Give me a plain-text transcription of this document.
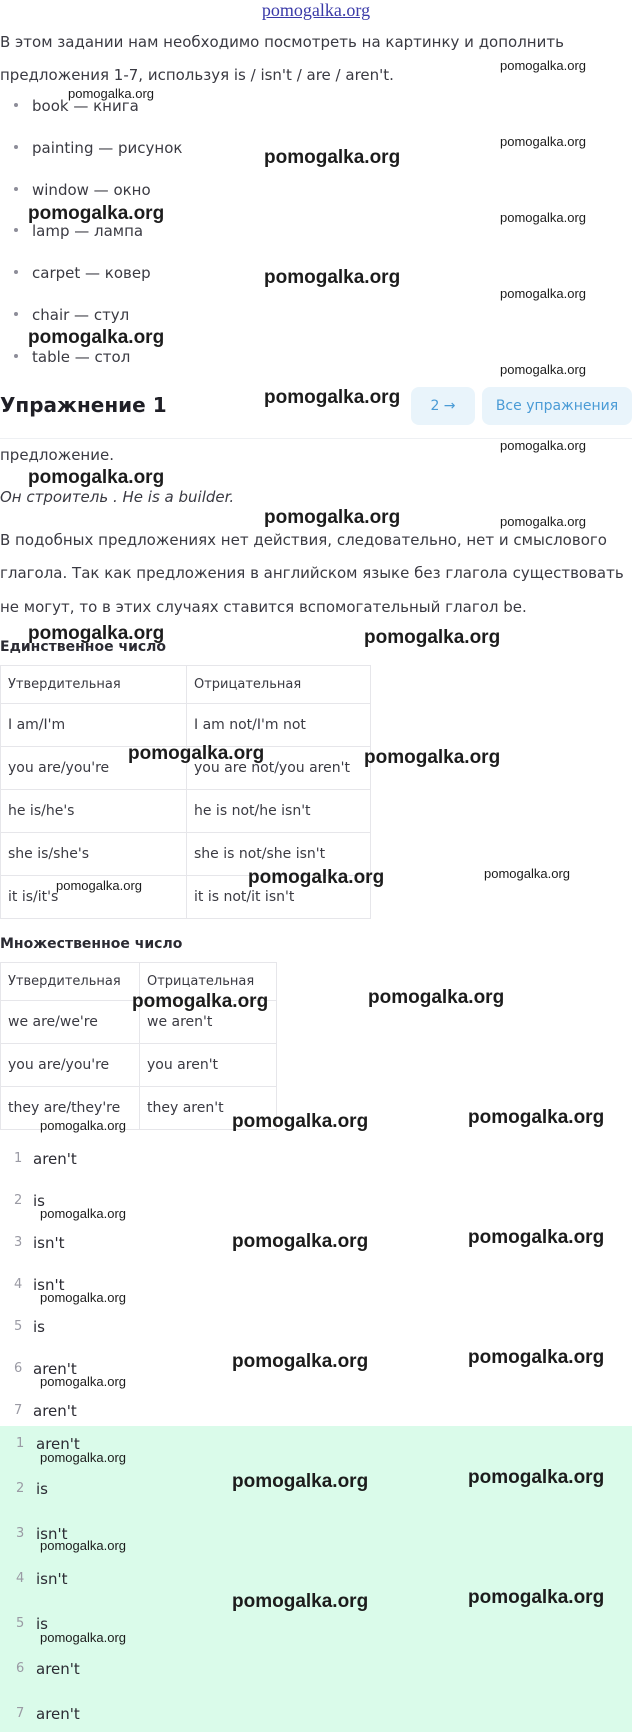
pomogalka.org
В этом задании нам необходимо посмотреть на картинку и дополнить
предложения 1-7, используя is / isn't / are / aren't.
book — книга
painting — рисунок
window — окно
lamp — лампа
carpet — ковер
chair — стул
table — стол
Упражнение 1	2 →	Все упражнения
предложение.
Он строитель . He is a builder.
В подобных предложениях нет действия, следовательно, нет и смыслового
глагола. Так как предложения в английском языке без глагола существовать
не могут, то в этих случаях ставится вспомогательный глагол be.
Единственное число
Утвердительная	Отрицательная
I am/I'm	I am not/I'm not
you are/you're	you are not/you aren't
he is/he's	he is not/he isn't
she is/she's	she is not/she isn't
it is/it's	it is not/it isn't
Множественное число
Утвердительная	Отрицательная
we are/we're	we aren't
you are/you're	you aren't
they are/they're	they aren't
1 aren't
2 is
3 isn't
4 isn't
5 is
6 aren't
7 aren't
1 aren't
2 is
3 isn't
4 isn't
5 is
6 aren't
7 aren't
pomogalka.org
pomogalka.org
pomogalka.org
pomogalka.org
pomogalka.org	pomogalka.org
pomogalka.org
pomogalka.org
pomogalka.org
pomogalka.org
pomogalka.org
pomogalka.org
pomogalka.org
pomogalka.org	pomogalka.org
pomogalka.org	pomogalka.org
pomogalka.org	pomogalka.org
pomogalka.org
pomogalka.org
pomogalka.org
pomogalka.org	pomogalka.org
pomogalka.org	pomogalka.org	pomogalka.org
pomogalka.org
pomogalka.org	pomogalka.org
pomogalka.org
pomogalka.org	pomogalka.org
pomogalka.org
pomogalka.org
pomogalka.org	pomogalka.org
pomogalka.org
pomogalka.org	pomogalka.org
pomogalka.org
